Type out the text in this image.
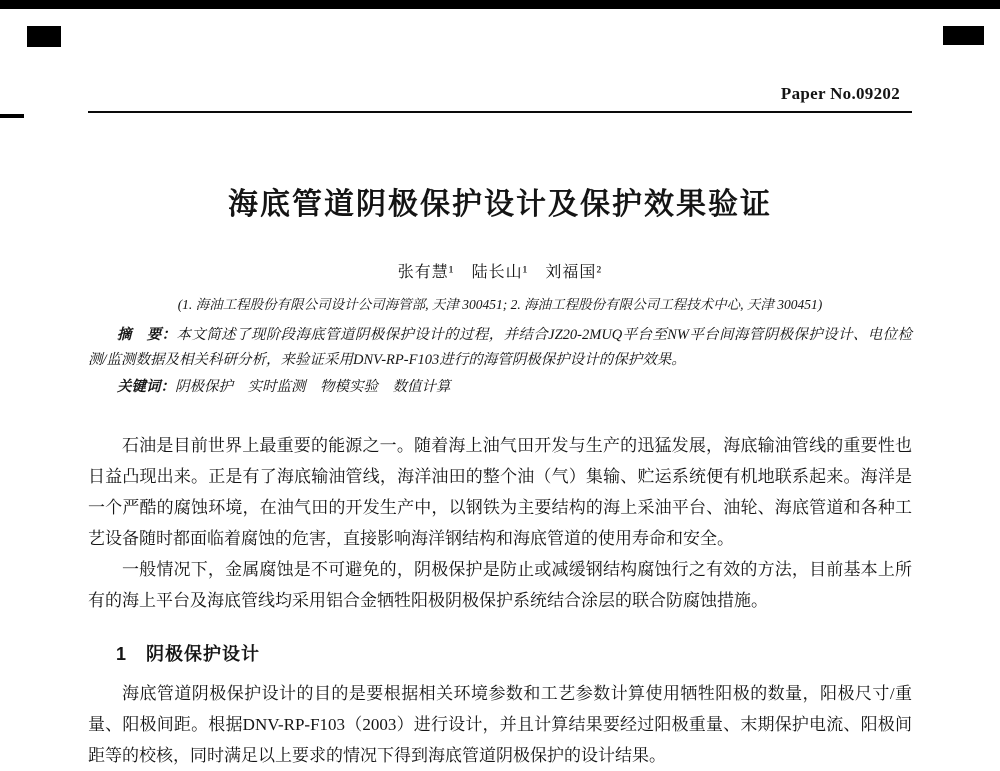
Paper No.09202
海底管道阴极保护设计及保护效果验证
张有慧¹　陆长山¹　刘福国²
(1. 海油工程股份有限公司设计公司海管部, 天津 300451; 2. 海油工程股份有限公司工程技术中心, 天津 300451)

摘　要：本文简述了现阶段海底管道阴极保护设计的过程，并结合JZ20-2MUQ平台至NW平台间海管阴极保护设计、电位检测/监测数据及相关科研分析，来验证采用DNV-RP-F103进行的海管阴极保护设计的保护效果。

关键词：阴极保护　实时监测　物模实验　数值计算

石油是目前世界上最重要的能源之一。随着海上油气田开发与生产的迅猛发展，海底输油管线的重要性也日益凸现出来。正是有了海底输油管线，海洋油田的整个油（气）集输、贮运系统便有机地联系起来。海洋是一个严酷的腐蚀环境，在油气田的开发生产中，以钢铁为主要结构的海上采油平台、油轮、海底管道和各种工艺设备随时都面临着腐蚀的危害，直接影响海洋钢结构和海底管道的使用寿命和安全。

一般情况下，金属腐蚀是不可避免的，阴极保护是防止或减缓钢结构腐蚀行之有效的方法，目前基本上所有的海上平台及海底管线均采用铝合金牺牲阳极阴极保护系统结合涂层的联合防腐蚀措施。

1　阴极保护设计

海底管道阴极保护设计的目的是要根据相关环境参数和工艺参数计算使用牺牲阳极的数量，阳极尺寸/重量、阳极间距。根据DNV-RP-F103（2003）进行设计，并且计算结果要经过阳极重量、末期保护电流、阳极间距等的校核，同时满足以上要求的情况下得到海底管道阴极保护的设计结果。
